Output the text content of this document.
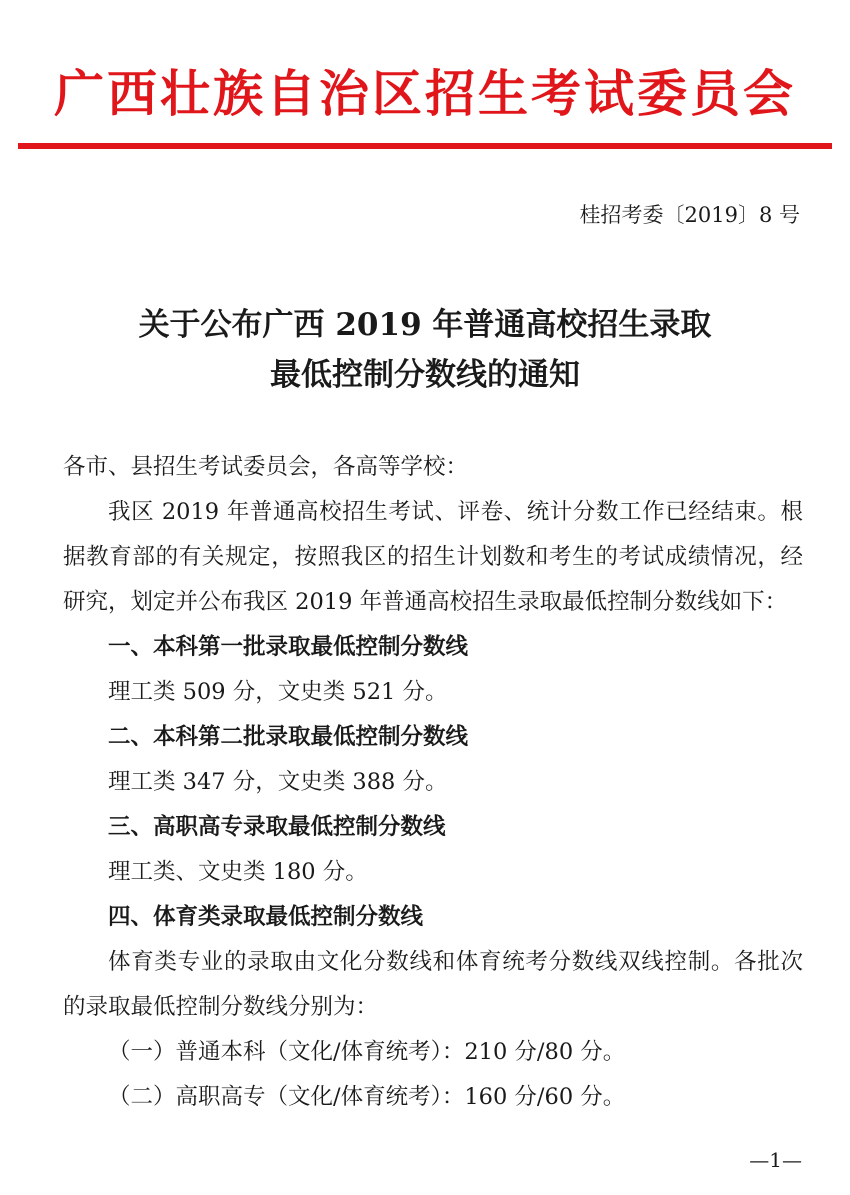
广西壮族自治区招生考试委员会
桂招考委〔2019〕8 号
关于公布广西 2019 年普通高校招生录取
最低控制分数线的通知
各市、县招生考试委员会，各高等学校：
我区 2019 年普通高校招生考试、评卷、统计分数工作已经结束。根据教育部的有关规定，按照我区的招生计划数和考生的考试成绩情况，经研究，划定并公布我区 2019 年普通高校招生录取最低控制分数线如下：
一、本科第一批录取最低控制分数线
理工类 509 分，文史类 521 分。
二、本科第二批录取最低控制分数线
理工类 347 分，文史类 388 分。
三、高职高专录取最低控制分数线
理工类、文史类 180 分。
四、体育类录取最低控制分数线
体育类专业的录取由文化分数线和体育统考分数线双线控制。各批次的录取最低控制分数线分别为：
（一）普通本科（文化/体育统考）：210 分/80 分。
（二）高职高专（文化/体育统考）：160 分/60 分。
—1—
